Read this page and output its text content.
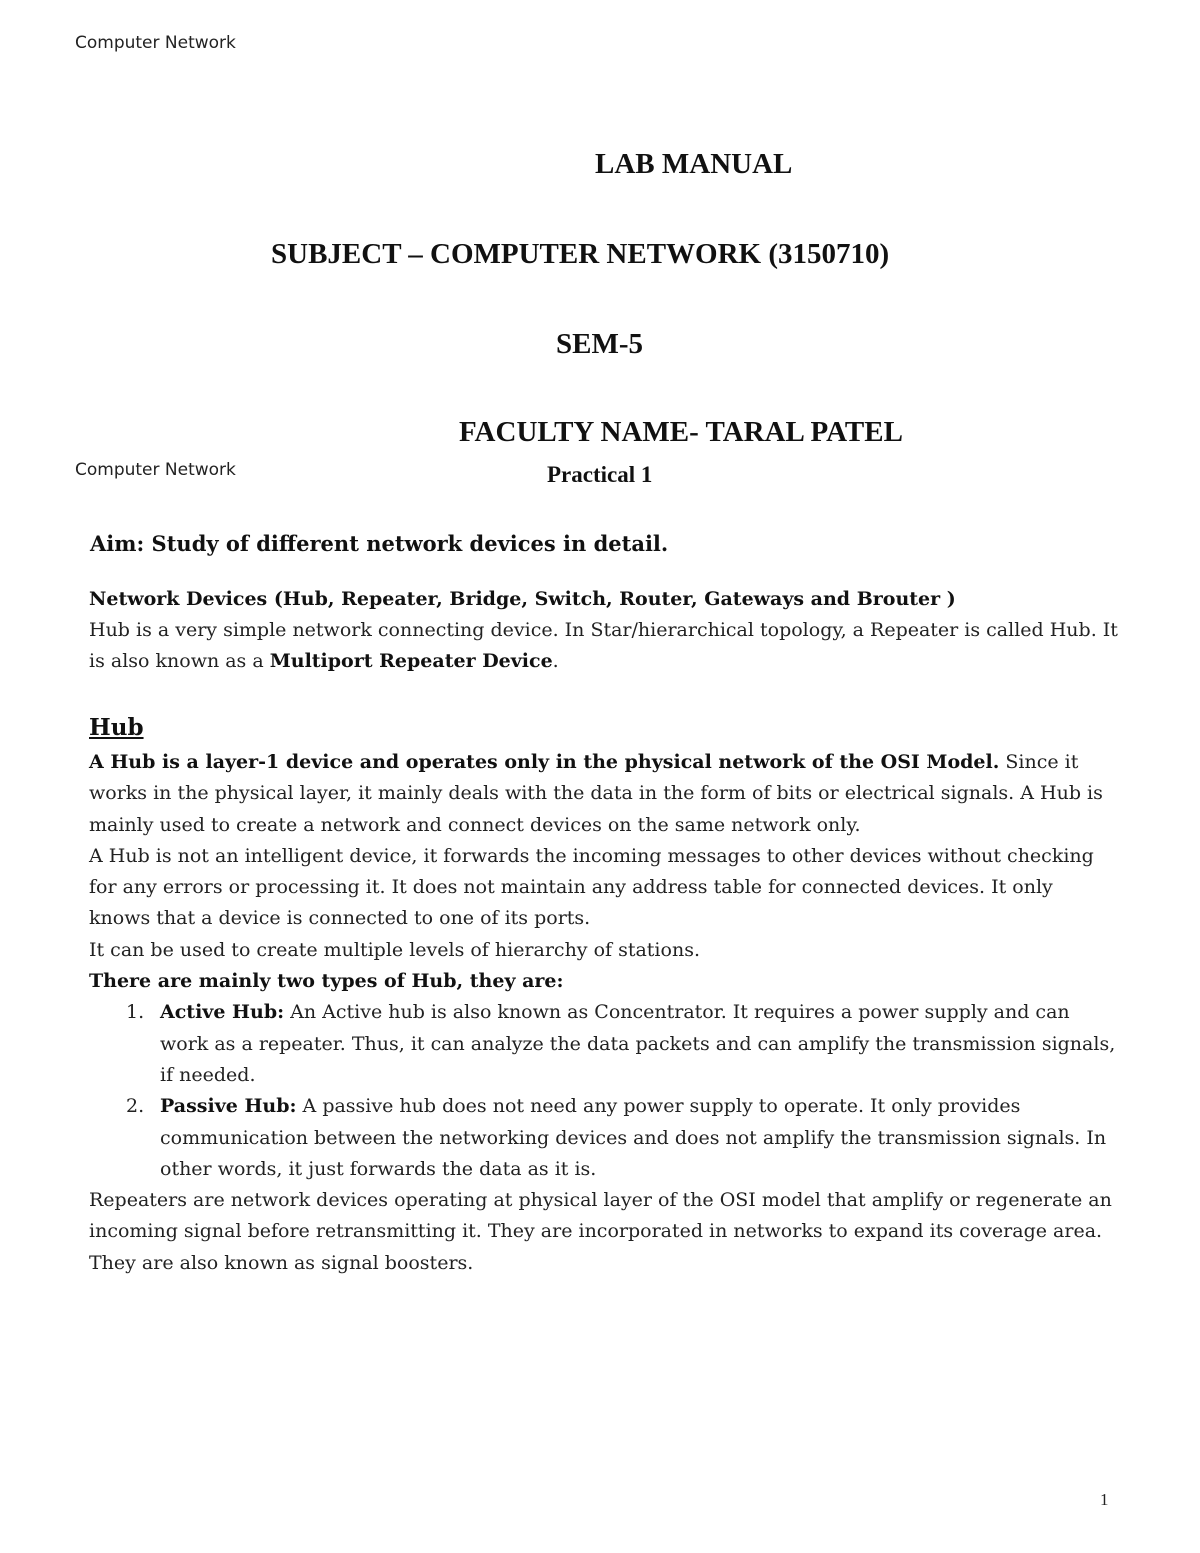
Computer Network
LAB MANUAL
SUBJECT – COMPUTER NETWORK (3150710)
SEM-5
FACULTY NAME- TARAL PATEL
Computer Network	Practical 1
Aim: Study of different network devices in detail.
Network Devices (Hub, Repeater, Bridge, Switch, Router, Gateways and Brouter )
Hub is a very simple network connecting device. In Star/hierarchical topology, a Repeater is called Hub. It is also known as a Multiport Repeater Device.
Hub
A Hub is a layer-1 device and operates only in the physical network of the OSI Model. Since it works in the physical layer, it mainly deals with the data in the form of bits or electrical signals. A Hub is mainly used to create a network and connect devices on the same network only.
A Hub is not an intelligent device, it forwards the incoming messages to other devices without checking for any errors or processing it. It does not maintain any address table for connected devices. It only knows that a device is connected to one of its ports.
It can be used to create multiple levels of hierarchy of stations.
There are mainly two types of Hub, they are:
1. Active Hub: An Active hub is also known as Concentrator. It requires a power supply and can work as a repeater. Thus, it can analyze the data packets and can amplify the transmission signals, if needed.
2. Passive Hub: A passive hub does not need any power supply to operate. It only provides communication between the networking devices and does not amplify the transmission signals. In other words, it just forwards the data as it is.
Repeaters are network devices operating at physical layer of the OSI model that amplify or regenerate an incoming signal before retransmitting it. They are incorporated in networks to expand its coverage area. They are also known as signal boosters.
1
